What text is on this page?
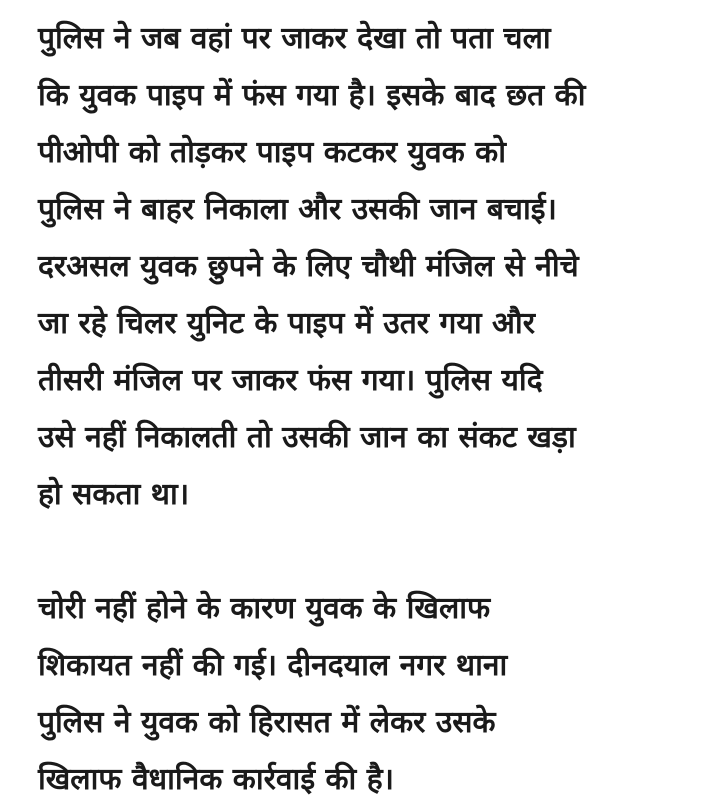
पुलिस ने जब वहां पर जाकर देखा तो पता चला
कि युवक पाइप में फंस गया है। इसके बाद छत की
पीओपी को तोड़कर पाइप कटकर युवक को
पुलिस ने बाहर निकाला और उसकी जान बचाई।
दरअसल युवक छुपने के लिए चौथी मंजिल से नीचे
जा रहे चिलर युनिट के पाइप में उतर गया और
तीसरी मंजिल पर जाकर फंस गया। पुलिस यदि
उसे नहीं निकालती तो उसकी जान का संकट खड़ा
हो सकता था।
चोरी नहीं होने के कारण युवक के खिलाफ
शिकायत नहीं की गई। दीनदयाल नगर थाना
पुलिस ने युवक को हिरासत में लेकर उसके
खिलाफ वैधानिक कार्रवाई की है।
